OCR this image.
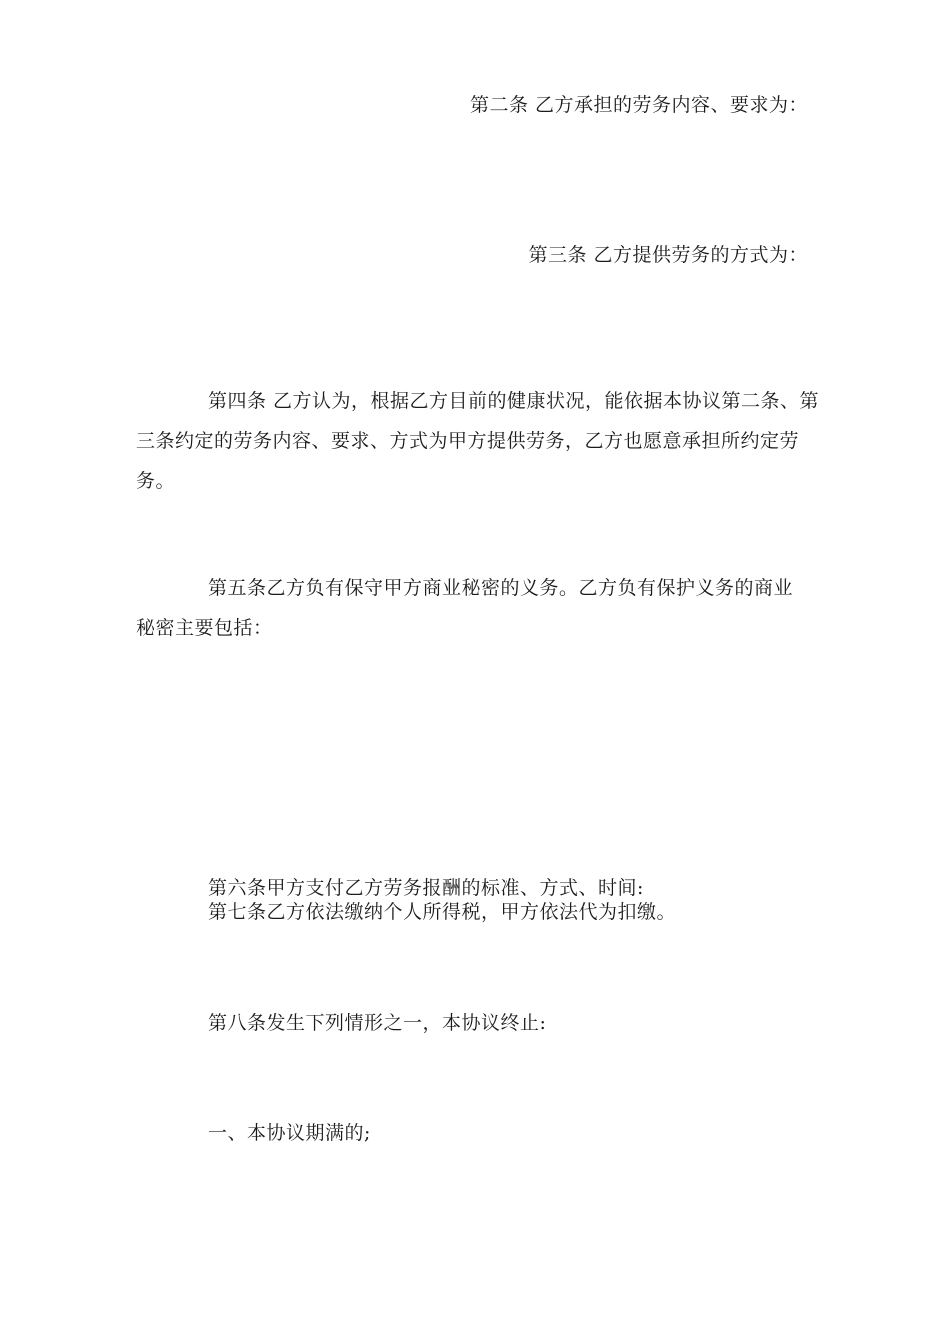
第二条 乙方承担的劳务内容、要求为：
第三条 乙方提供劳务的方式为：
第四条 乙方认为，根据乙方目前的健康状况，能依据本协议第二条、第三条约定的劳务内容、要求、方式为甲方提供劳务，乙方也愿意承担所约定劳务。
第五条乙方负有保守甲方商业秘密的义务。乙方负有保护义务的商业
秘密主要包括：
第六条甲方支付乙方劳务报酬的标准、方式、时间:
第七条乙方依法缴纳个人所得税，甲方依法代为扣缴。
第八条发生下列情形之一，本协议终止:
一、本协议期满的;
